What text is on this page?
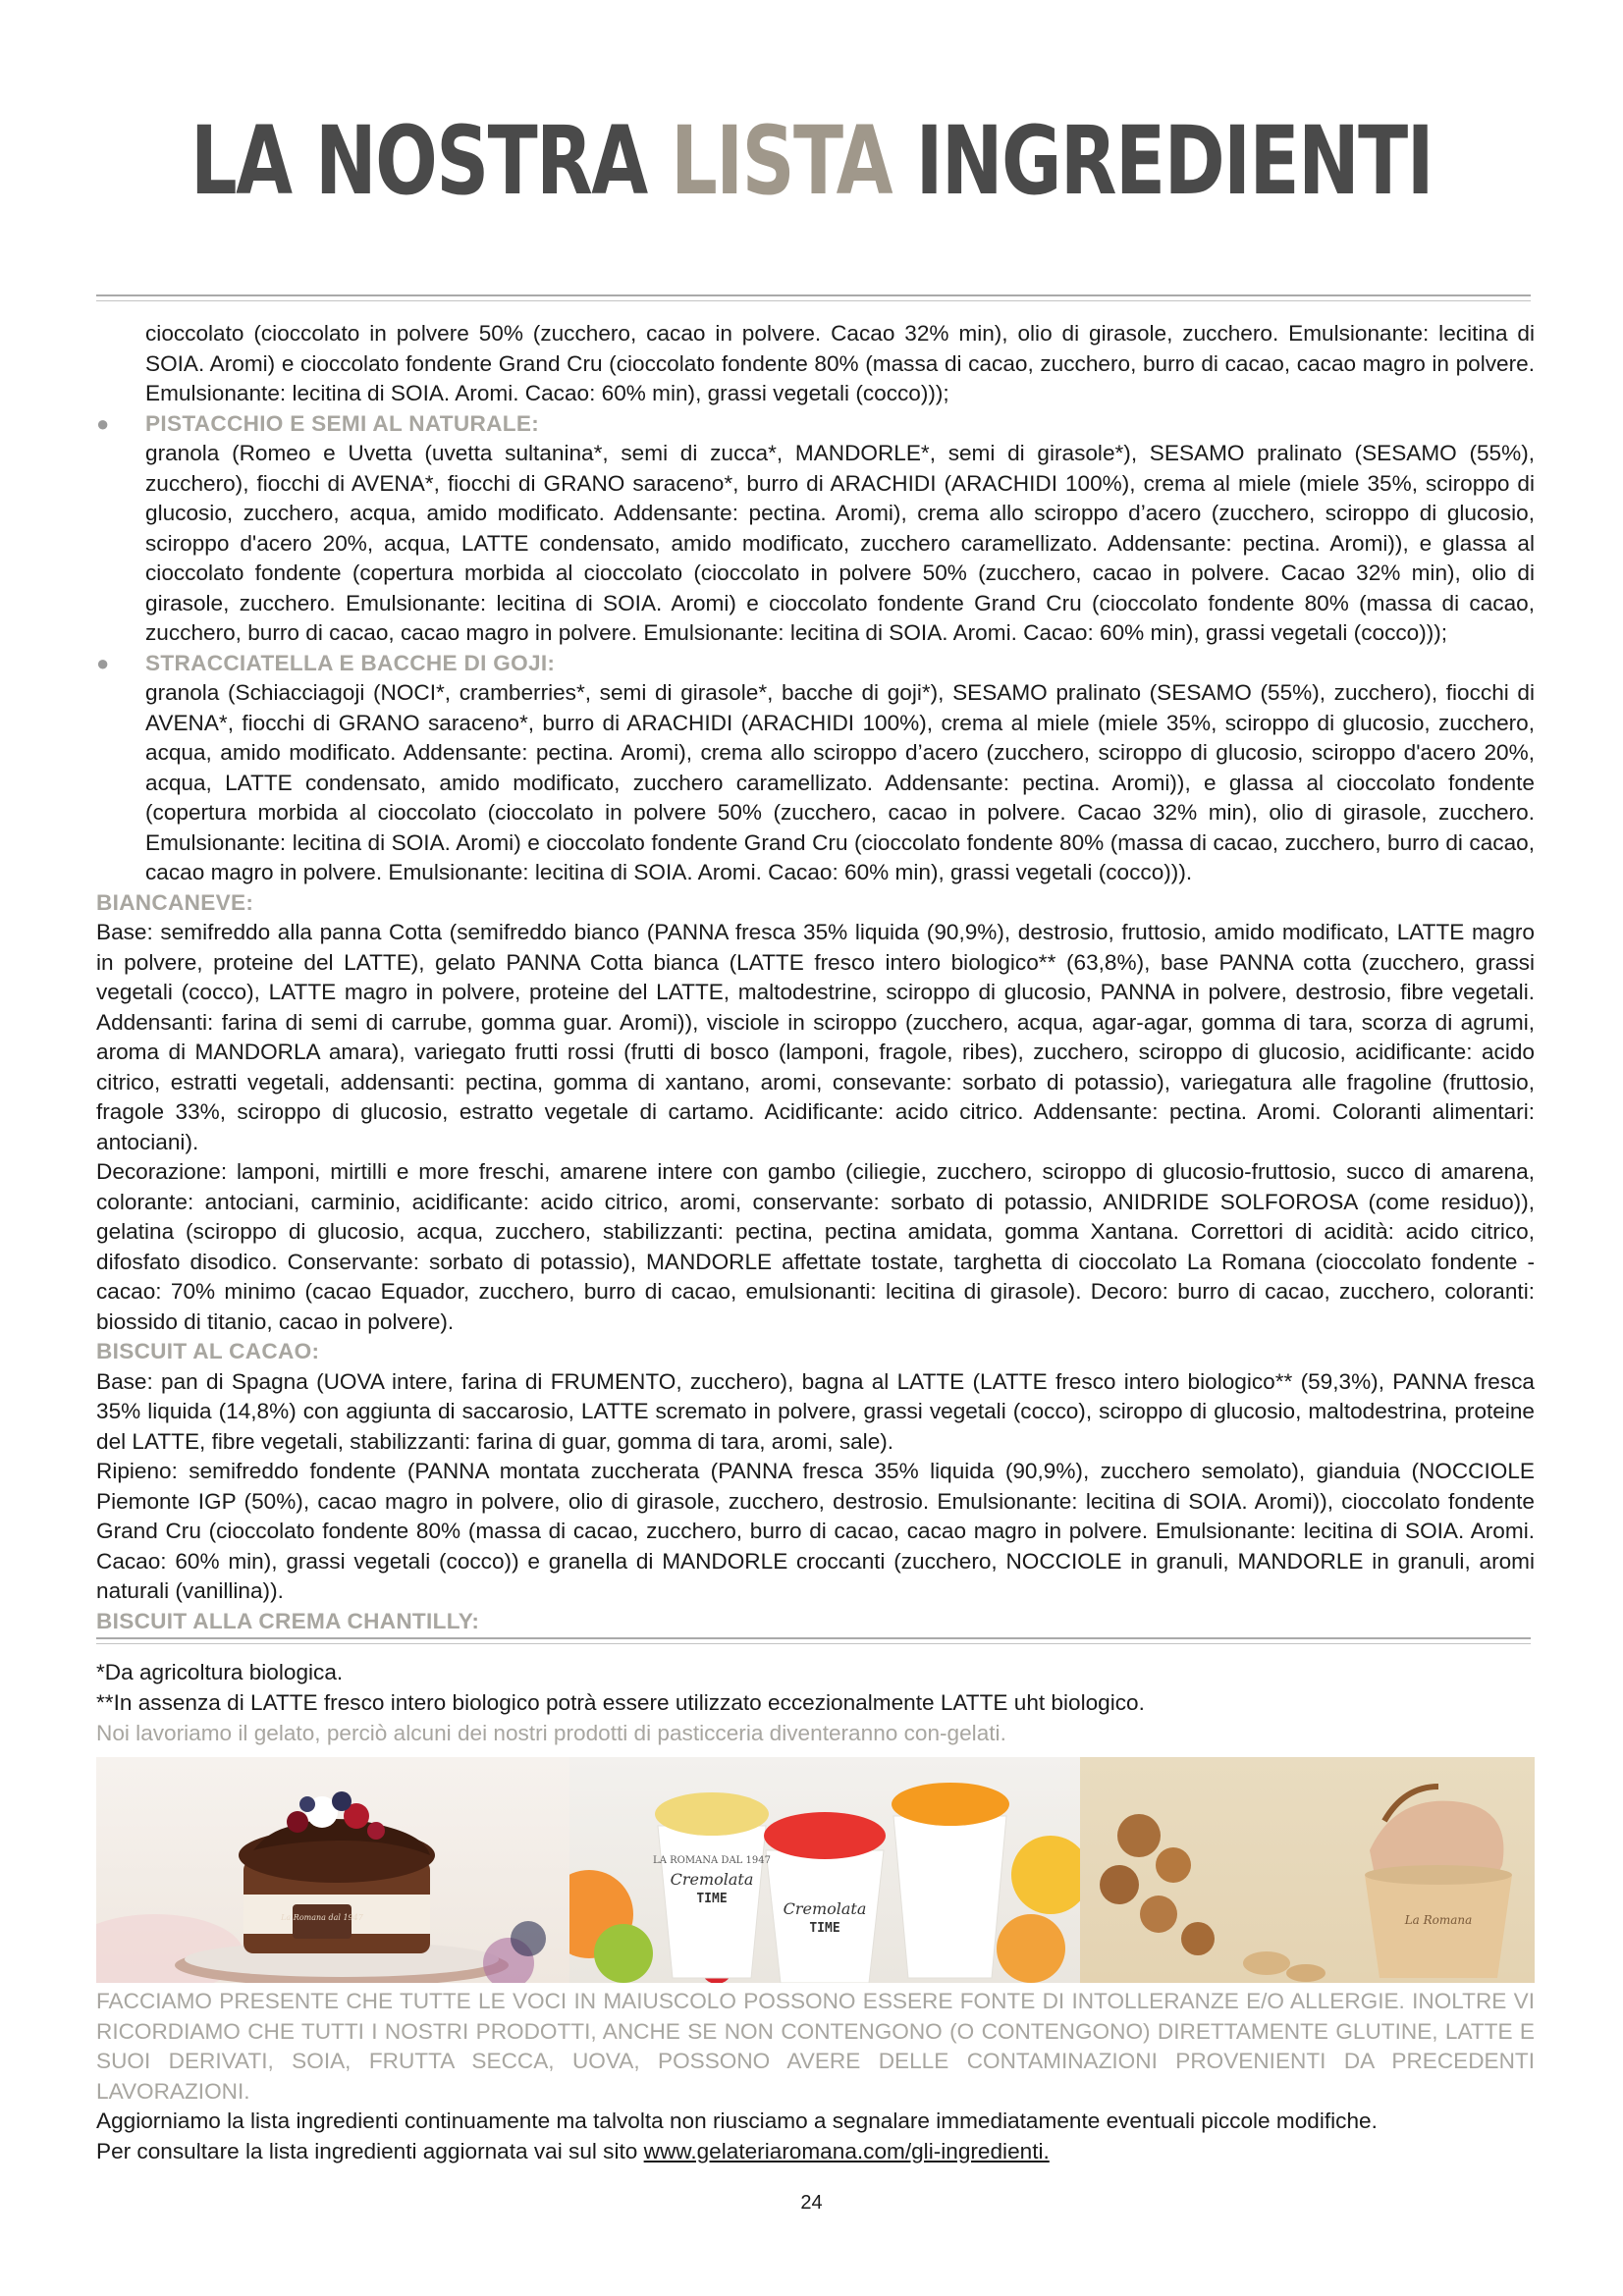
LA NOSTRA LISTA INGREDIENTI

cioccolato (cioccolato in polvere 50% (zucchero, cacao in polvere. Cacao 32% min), olio di girasole, zucchero. Emulsionante: lecitina di SOIA. Aromi) e cioccolato fondente Grand Cru (cioccolato fondente 80% (massa di cacao, zucchero, burro di cacao, cacao magro in polvere. Emulsionante: lecitina di SOIA. Aromi. Cacao: 60% min), grassi vegetali (cocco)));

● PISTACCHIO E SEMI AL NATURALE:

granola (Romeo e Uvetta (uvetta sultanina*, semi di zucca*, MANDORLE*, semi di girasole*), SESAMO pralinato (SESAMO (55%), zucchero), fiocchi di AVENA*, fiocchi di GRANO saraceno*, burro di ARACHIDI (ARACHIDI 100%), crema al miele (miele 35%, sciroppo di glucosio, zucchero, acqua, amido modificato. Addensante: pectina. Aromi), crema allo sciroppo d’acero (zucchero, sciroppo di glucosio, sciroppo d'acero 20%, acqua, LATTE condensato, amido modificato, zucchero caramellizato. Addensante: pectina. Aromi)), e glassa al cioccolato fondente (copertura morbida al cioccolato (cioccolato in polvere 50% (zucchero, cacao in polvere. Cacao 32% min), olio di girasole, zucchero. Emulsionante: lecitina di SOIA. Aromi) e cioccolato fondente Grand Cru (cioccolato fondente 80% (massa di cacao, zucchero, burro di cacao, cacao magro in polvere. Emulsionante: lecitina di SOIA. Aromi. Cacao: 60% min), grassi vegetali (cocco)));

● STRACCIATELLA E BACCHE DI GOJI:

granola (Schiacciagoji (NOCI*, cramberries*, semi di girasole*, bacche di goji*), SESAMO pralinato (SESAMO (55%), zucchero), fiocchi di AVENA*, fiocchi di GRANO saraceno*, burro di ARACHIDI (ARACHIDI 100%), crema al miele (miele 35%, sciroppo di glucosio, zucchero, acqua, amido modificato. Addensante: pectina. Aromi), crema allo sciroppo d’acero (zucchero, sciroppo di glucosio, sciroppo d'acero 20%, acqua, LATTE condensato, amido modificato, zucchero caramellizato. Addensante: pectina. Aromi)), e glassa al cioccolato fondente (copertura morbida al cioccolato (cioccolato in polvere 50% (zucchero, cacao in polvere. Cacao 32% min), olio di girasole, zucchero. Emulsionante: lecitina di SOIA. Aromi) e cioccolato fondente Grand Cru (cioccolato fondente 80% (massa di cacao, zucchero, burro di cacao, cacao magro in polvere. Emulsionante: lecitina di SOIA. Aromi. Cacao: 60% min), grassi vegetali (cocco))).

BIANCANEVE:

Base: semifreddo alla panna Cotta (semifreddo bianco (PANNA fresca 35% liquida (90,9%), destrosio, fruttosio, amido modificato, LATTE magro in polvere, proteine del LATTE), gelato PANNA Cotta bianca (LATTE fresco intero biologico** (63,8%), base PANNA cotta (zucchero, grassi vegetali (cocco), LATTE magro in polvere, proteine del LATTE, maltodestrine, sciroppo di glucosio, PANNA in polvere, destrosio, fibre vegetali. Addensanti: farina di semi di carrube, gomma guar. Aromi)), visciole in sciroppo (zucchero, acqua, agar-agar, gomma di tara, scorza di agrumi, aroma di MANDORLA amara), variegato frutti rossi (frutti di bosco (lamponi, fragole, ribes), zucchero, sciroppo di glucosio, acidificante: acido citrico, estratti vegetali, addensanti: pectina, gomma di xantano, aromi, consevante: sorbato di potassio), variegatura alle fragoline (fruttosio, fragole 33%, sciroppo di glucosio, estratto vegetale di cartamo. Acidificante: acido citrico. Addensante: pectina. Aromi. Coloranti alimentari: antociani).

Decorazione: lamponi, mirtilli e more freschi, amarene intere con gambo (ciliegie, zucchero, sciroppo di glucosio-fruttosio, succo di amarena, colorante: antociani, carminio, acidificante: acido citrico, aromi, conservante: sorbato di potassio, ANIDRIDE SOLFOROSA (come residuo)), gelatina (sciroppo di glucosio, acqua, zucchero, stabilizzanti: pectina, pectina amidata, gomma Xantana. Correttori di acidità: acido citrico, difosfato disodico. Conservante: sorbato di potassio), MANDORLE affettate tostate, targhetta di cioccolato La Romana (cioccolato fondente - cacao: 70% minimo (cacao Equador, zucchero, burro di cacao, emulsionanti: lecitina di girasole). Decoro: burro di cacao, zucchero, coloranti: biossido di titanio, cacao in polvere).

BISCUIT AL CACAO:

Base: pan di Spagna (UOVA intere, farina di FRUMENTO, zucchero), bagna al LATTE (LATTE fresco intero biologico** (59,3%), PANNA fresca 35% liquida (14,8%) con aggiunta di saccarosio, LATTE scremato in polvere, grassi vegetali (cocco), sciroppo di glucosio, maltodestrina, proteine del LATTE, fibre vegetali, stabilizzanti: farina di guar, gomma di tara, aromi, sale).

Ripieno: semifreddo fondente (PANNA montata zuccherata (PANNA fresca 35% liquida (90,9%), zucchero semolato), gianduia (NOCCIOLE Piemonte IGP (50%), cacao magro in polvere, olio di girasole, zucchero, destrosio. Emulsionante: lecitina di SOIA. Aromi)), cioccolato fondente Grand Cru (cioccolato fondente 80% (massa di cacao, zucchero, burro di cacao, cacao magro in polvere. Emulsionante: lecitina di SOIA. Aromi. Cacao: 60% min), grassi vegetali (cocco)) e granella di MANDORLE croccanti (zucchero, NOCCIOLE in granuli, MANDORLE in granuli, aromi naturali (vanillina)).

BISCUIT ALLA CREMA CHANTILLY:

*Da agricoltura biologica.

**In assenza di LATTE fresco intero biologico potrà essere utilizzato eccezionalmente LATTE uht biologico.

Noi lavoriamo il gelato, perciò alcuni dei nostri prodotti di pasticceria diventeranno con-gelati.

La Romana dal 1947
LA ROMANA DAL 1947
Cremolata
TIME
Cremolata
TIME
La Romana

FACCIAMO PRESENTE CHE TUTTE LE VOCI IN MAIUSCOLO POSSONO ESSERE FONTE DI INTOLLERANZE E/O ALLERGIE. INOLTRE VI RICORDIAMO CHE TUTTI I NOSTRI PRODOTTI, ANCHE SE NON CONTENGONO (O CONTENGONO) DIRETTAMENTE GLUTINE, LATTE E SUOI DERIVATI, SOIA, FRUTTA SECCA, UOVA, POSSONO AVERE DELLE CONTAMINAZIONI PROVENIENTI DA PRECEDENTI LAVORAZIONI.

Aggiorniamo la lista ingredienti continuamente ma talvolta non riusciamo a segnalare immediatamente eventuali piccole modifiche.

Per consultare la lista ingredienti aggiornata vai sul sito www.gelateriaromana.com/gli-ingredienti.

24
